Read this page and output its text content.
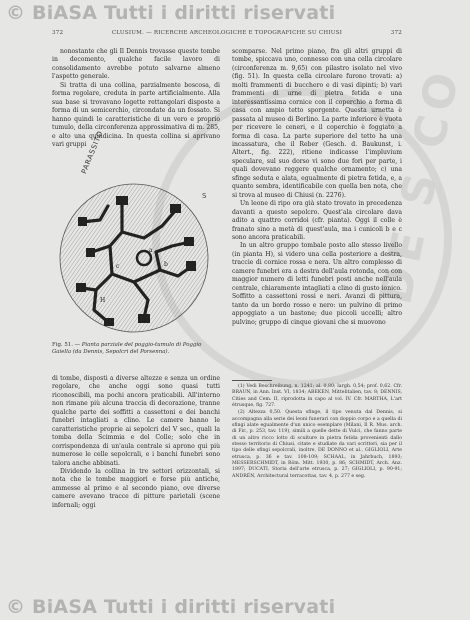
© BiASA Tutti i diritti riservati
DE S CO
372	CLUSIUM. — RICERCHE ARCHEOLOGICHE E TOPOGRAFICHE SU CHIUSI	372

nonostante che gli Il Dennis trovasse queste tombe in decomento, qualche facile lavoro di consolidamento avrebbe potuto salvarne almeno l'aspetto generale.

Si tratta di una collina, parzialmente boscosa, di forma regolare, creduta in parte artificialmente. Alla sua base si trovavano logette rettangolari disposte a forma di un semicerchio, circondate da un fossato. Si hanno quindi le caratteristiche di un vero e proprio tumulo, della circonferenza approssimativa di m. 285, e alto una quindicina. In questa collina si aprivano vari gruppi

a
b
c
H
S
PARASSITO
Fig. 51. — Pianta parziale del poggio-tumulo di Poggio Gaiella (da Dennis, Sepolcri del Porsenna).

di tombe, disposti a diverse altezze e senza un ordine regolare, che anche oggi sono quasi tutti riconoscibili, ma pochi ancora praticabili. All'interno non rimane più alcuna traccia di decorazione, tranne qualche parte dei soffitti a cassettoni e dei banchi funebri intagliati a clino. Le camere hanno le caratteristiche proprie ai sepolcri del V sec., quali la tomba della Scimmia e del Colle; solo che in corrispondenza di un'aula centrale si aprono qui più numerose le celle sepolcrali, e i banchi funebri sono talora anche abbinati.

Dividendo la collina in tre settori orizzontali, si nota che le tombe maggiori e forse più antiche, ammesse al primo e al secondo piano, ove diverse camere avevano tracce di pitture parietali (scene infernali; oggi

scomparse. Nel primo piano, fra gli altri gruppi di tombe, spiccava uno, connesso con una cella circolare (circonferenza m. 9,65) con pilastro isolato nel vivo (fig. 51). In questa cella circolare furono trovati: a) molti frammenti di bucchero e di vasi dipinti; b) vari frammenti di urne di pietra fetida e una interessantissima cornice con il coperchio a forma di casa con ampio tetto sporgente. Questa urnetta è passata al museo di Berlino. La parte inferiore è vuota per ricevere le ceneri, e il coperchio è foggiato a forma di casa. La parte superiore del tetto ha una incassatura, che il Reber (Gesch. d. Baukunst, i. Altert., fig. 222), ritiene indicasse l'impluvium speculare, sul suo dorso vi sono due fori per parte, i quali dovevano reggere qualche ornamento; c) una sfinge seduta e alata, egualmente di pietra fetida, e, a quanto sembra, identificabile con quella ben nota, che si trova al museo di Chiusi (n. 2276).

Un leone di ripo ora già stato trovato in precedenza davanti a questo sepolcro. Quest'ala circolare dava adito a quattro corridoi (cfr. pianta). Oggi il colle è franato sino a metà di quest'aula, ma i cunicoli b e c sono ancora praticabili.

In un altro gruppo tombale posto allo stesso livello (in pianta H), si videro una cella posteriore a destra, traccie di cornice rossa e nera. Un altro complesso di camere funebri era a destra dell'aula rotonda, con con maggior numero di letti funebri posti anche nell'aula centrale, chiaramente intagliati a clino di gusto ionico. Soffitto a cassettoni rossi e neri. Avanzi di pittura, tanto da un bordo rosso e nero: un pulvino di primo appoggiato a un bastone; due piccoli uccelli; altro pulvino; gruppo di cinque giovani che si muovono

(1) Vedi Beschreibung, n. 1241; al. 0,80; largh. 0,54; prof. 0,62. Cfr. BRAUN, in Ann. Inst. VI, 1834; ABEKEN, Mittelitalien, tav. 8; DENNIS, Cities and Cem. II, riprodotta in capo al vol. IV. Cfr. MARTHA, L'art étrusque, fig. 727.

(2) Altezza 0,50. Questa sfinge, il tipo venuta dal Dennis, si accompagna alla serie dei leoni funerari con doppio corpo e a quella di sfingi alate egualmente d'un unico esemplare (Milani, Il R. Mus. arch. di Fir., p. 253, tav. 119), simili a quelle dette di Vulci, che fanno parte di un altro ricco lotto di sculture in pietra fetida provenienti dallo stesso territorio di Chiusi, citate e studiate da vari scrittori, sia per il tipo delle sfingi sepolcrali, inoltre, DE DONNO et al., GIGLIOLI, Arte etrusca, p. 36 e tav. 108-109; SCHAAL, in Jahrbuch, 1893; MESSERSCHMIDT, in Röm. Mitt. 1930, p. 86; SCHMIDT, Arch. Anz. 1897; DUCATI, Storia dell'arte etrusca, p. 27; GIGLIOLI, p. 90-91; ANDRÉN, Architectural terracottas, tav. 4, p. 277 e seg.

© BiASA Tutti i diritti riservati
